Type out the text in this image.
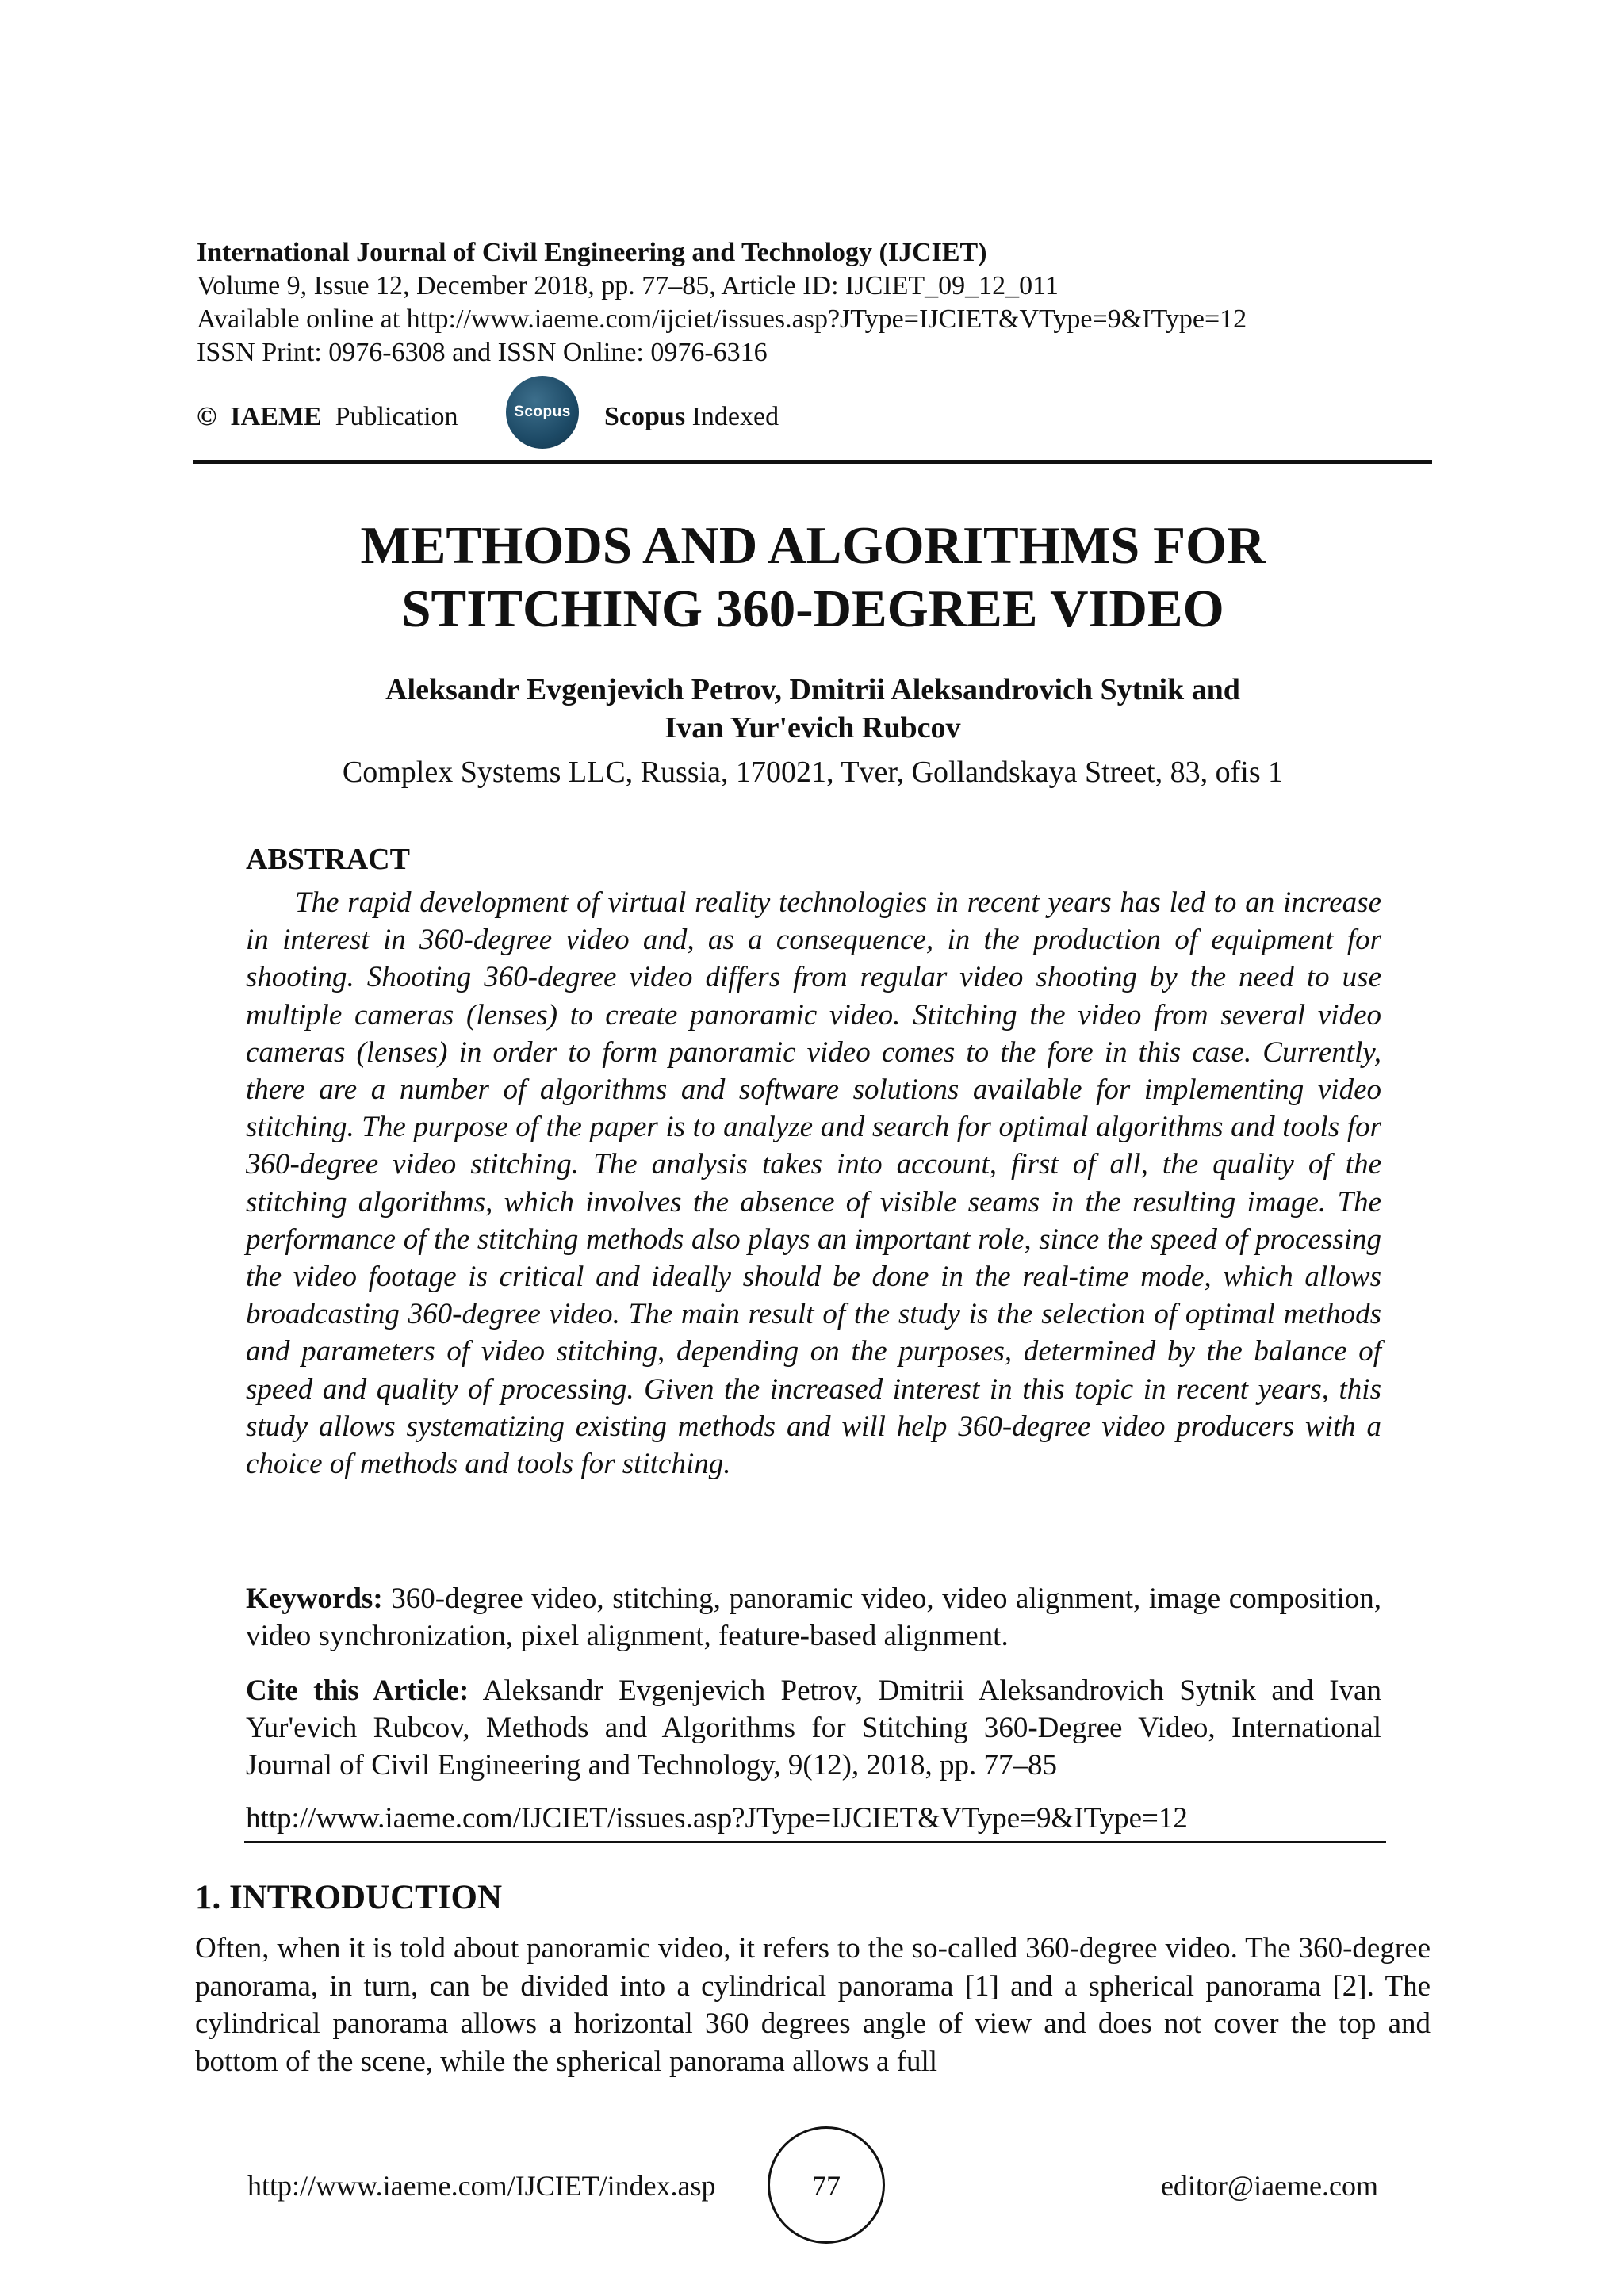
International Journal of Civil Engineering and Technology (IJCIET)
Volume 9, Issue 12, December 2018, pp. 77–85, Article ID: IJCIET_09_12_011
Available online at http://www.iaeme.com/ijciet/issues.asp?JType=IJCIET&VType=9&IType=12
ISSN Print: 0976-6308 and ISSN Online: 0976-6316
© IAEME Publication	Scopus Scopus Indexed
METHODS AND ALGORITHMS FOR
STITCHING 360-DEGREE VIDEO
Aleksandr Evgenjevich Petrov, Dmitrii Aleksandrovich Sytnik and
Ivan Yur'evich Rubcov
Complex Systems LLC, Russia, 170021, Tver, Gollandskaya Street, 83, ofis 1
ABSTRACT
The rapid development of virtual reality technologies in recent years has led to an increase in interest in 360-degree video and, as a consequence, in the production of equipment for shooting. Shooting 360-degree video differs from regular video shooting by the need to use multiple cameras (lenses) to create panoramic video. Stitching the video from several video cameras (lenses) in order to form panoramic video comes to the fore in this case. Currently, there are a number of algorithms and software solutions available for implementing video stitching. The purpose of the paper is to analyze and search for optimal algorithms and tools for 360-degree video stitching. The analysis takes into account, first of all, the quality of the stitching algorithms, which involves the absence of visible seams in the resulting image. The performance of the stitching methods also plays an important role, since the speed of processing the video footage is critical and ideally should be done in the real-time mode, which allows broadcasting 360-degree video. The main result of the study is the selection of optimal methods and parameters of video stitching, depending on the purposes, determined by the balance of speed and quality of processing. Given the increased interest in this topic in recent years, this study allows systematizing existing methods and will help 360-degree video producers with a choice of methods and tools for stitching.
Keywords: 360-degree video, stitching, panoramic video, video alignment, image composition, video synchronization, pixel alignment, feature-based alignment.
Cite this Article: Aleksandr Evgenjevich Petrov, Dmitrii Aleksandrovich Sytnik and Ivan Yur'evich Rubcov, Methods and Algorithms for Stitching 360-Degree Video, International Journal of Civil Engineering and Technology, 9(12), 2018, pp. 77–85
http://www.iaeme.com/IJCIET/issues.asp?JType=IJCIET&VType=9&IType=12
1. INTRODUCTION
Often, when it is told about panoramic video, it refers to the so-called 360-degree video. The 360-degree panorama, in turn, can be divided into a cylindrical panorama [1] and a spherical panorama [2]. The cylindrical panorama allows a horizontal 360 degrees angle of view and does not cover the top and bottom of the scene, while the spherical panorama allows a full
http://www.iaeme.com/IJCIET/index.asp	77	editor@iaeme.com
